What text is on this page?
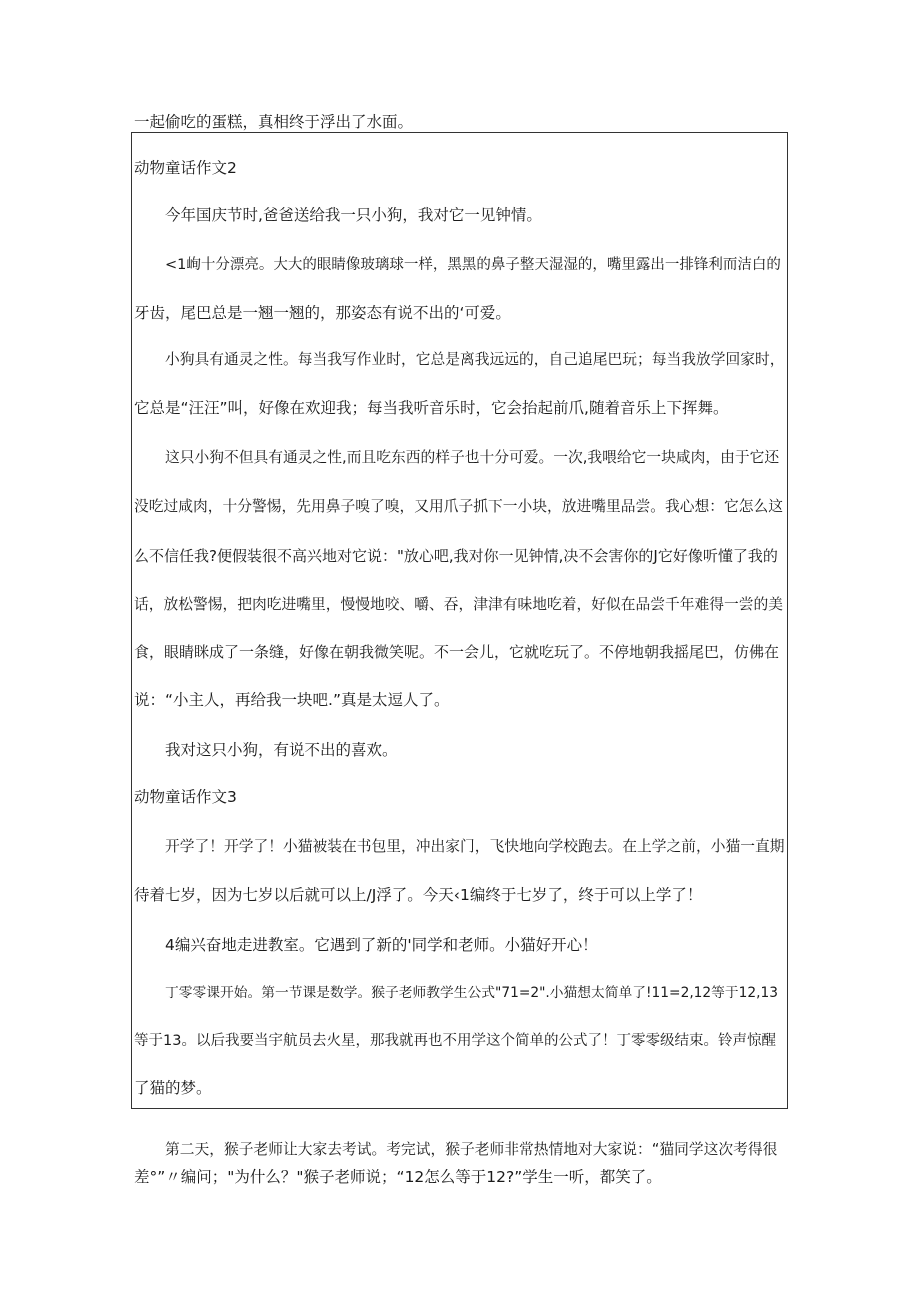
一起偷吃的蛋糕，真相终于浮出了水面。
动物童话作文2
今年国庆节时,爸爸送给我一只小狗，我对它一见钟情。
<1峋十分漂亮。大大的眼睛像玻璃球一样，黑黑的鼻子整天湿湿的，嘴里露出一排锋利而洁白的
牙齿，尾巴总是一翘一翘的，那姿态有说不出的‘可爱。
小狗具有通灵之性。每当我写作业时，它总是离我远远的，自己追尾巴玩；每当我放学回家时，
它总是“汪汪”叫，好像在欢迎我；每当我听音乐时，它会抬起前爪,随着音乐上下挥舞。
这只小狗不但具有通灵之性,而且吃东西的样子也十分可爱。一次,我喂给它一块咸肉，由于它还
没吃过咸肉，十分警惕，先用鼻子嗅了嗅，又用爪子抓下一小块，放进嘴里品尝。我心想：它怎么这
么不信任我?便假装很不高兴地对它说："放心吧,我对你一见钟情,决不会害你的J它好像听懂了我的
话，放松警惕，把肉吃进嘴里，慢慢地咬、嚼、吞，津津有味地吃着，好似在品尝千年难得一尝的美
食，眼睛眯成了一条缝，好像在朝我微笑呢。不一会儿，它就吃玩了。不停地朝我摇尾巴，仿佛在
说：“小主人，再给我一块吧.”真是太逗人了。
我对这只小狗，有说不出的喜欢。
动物童话作文3
开学了！开学了！小猫被装在书包里，冲出家门，飞快地向学校跑去。在上学之前，小猫一直期
待着七岁，因为七岁以后就可以上/J浮了。今天‹1编终于七岁了，终于可以上学了！
4编兴奋地走进教室。它遇到了新的'同学和老师。小猫好开心！
丁零零课开始。第一节课是数学。猴子老师教学生公式"71=2".小猫想太简单了!11=2,12等于12,13
等于13。以后我要当宇航员去火星，那我就再也不用学这个简单的公式了！丁零零级结束。铃声惊醒
了猫的梦。
第二天，猴子老师让大家去考试。考完试，猴子老师非常热情地对大家说：“猫同学这次考得很
差°”〃编问；"为什么？"猴子老师说；“12怎么等于12?”学生一听，都笑了。
